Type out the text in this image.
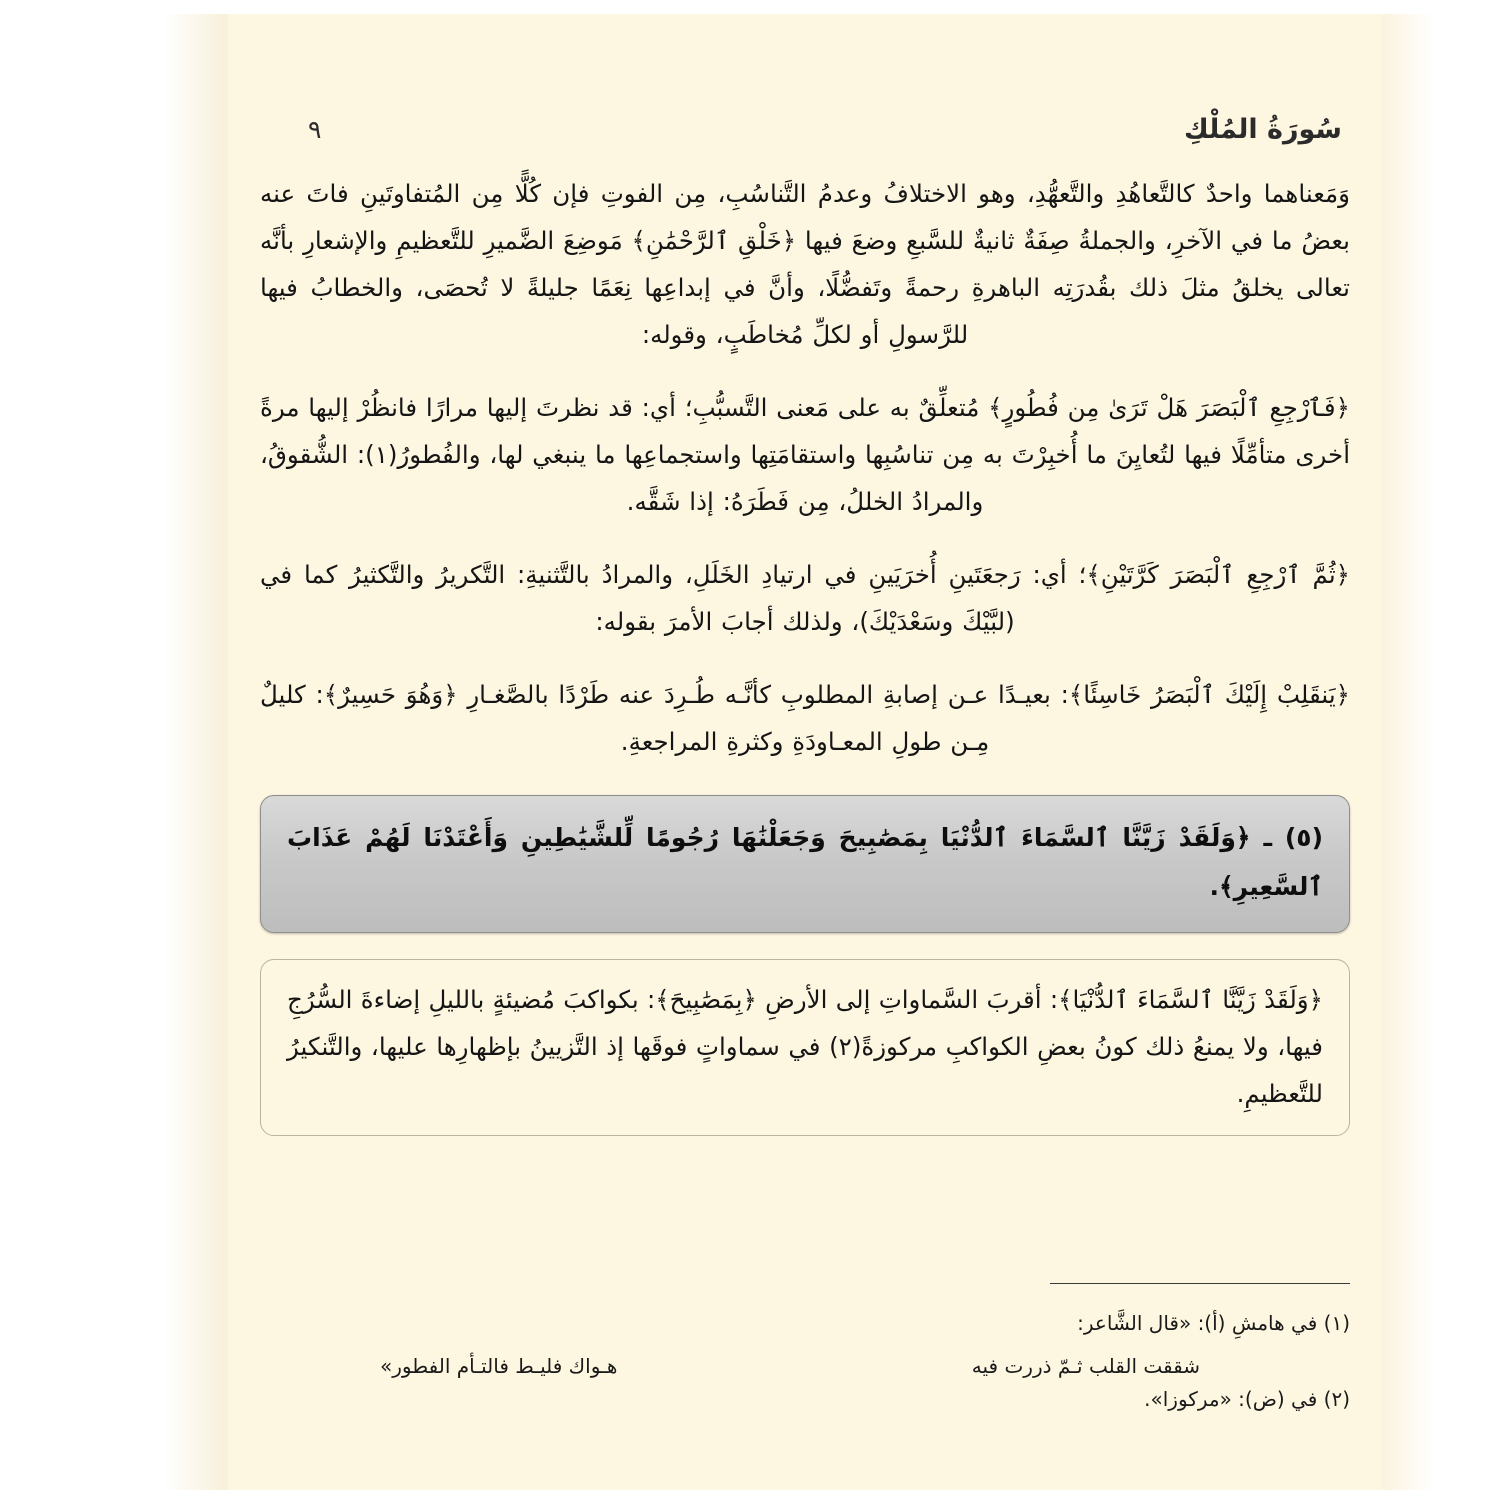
سُورَةُ المُلْكِ
٩

وَمَعناهما واحدٌ كالتَّعاهُدِ والتَّعهُّدِ، وهو الاختلافُ وعدمُ التَّناسُبِ، مِن الفوتِ فإن كُلًّا مِن المُتفاوتَينِ فاتَ عنه بعضُ ما في الآخرِ، والجملةُ صِفَةٌ ثانيةٌ للسَّبعِ وضعَ فيها ﴿خَلْقِ ٱلرَّحْمَٰنِ﴾ مَوضِعَ الضَّميرِ للتَّعظيمِ والإشعارِ بأنَّه تعالى يخلقُ مثلَ ذلك بقُدرَتِه الباهرةِ رحمةً وتَفضُّلًا، وأنَّ في إبداعِها نِعَمًا جليلةً لا تُحصَى، والخطابُ فيها للرَّسولِ أو لكلِّ مُخاطَبٍ، وقوله:

﴿فَٱرْجِعِ ٱلْبَصَرَ هَلْ تَرَىٰ مِن فُطُورٍ﴾ مُتعلِّقٌ به على مَعنى التَّسبُّبِ؛ أي: قد نظرتَ إليها مرارًا فانظُرْ إليها مرةً أخرى متأمِّلًا فيها لتُعايِنَ ما أُخبِرْتَ به مِن تناسُبِها واستقامَتِها واستجماعِها ما ينبغي لها، والفُطورُ(١): الشُّقوقُ، والمرادُ الخللُ، مِن فَطَرَهُ: إذا شَقَّه.

﴿ثُمَّ ٱرْجِعِ ٱلْبَصَرَ كَرَّتَيْنِ﴾؛ أي: رَجعَتَينِ أُخرَيَينِ في ارتيادِ الخَلَلِ، والمرادُ بالتَّثنيةِ: التَّكريرُ والتَّكثيرُ كما في (لبَّيْكَ وسَعْدَيْكَ)، ولذلك أجابَ الأمرَ بقوله:

﴿يَنقَلِبْ إِلَيْكَ ٱلْبَصَرُ خَاسِئًا﴾: بعيـدًا عـن إصابةِ المطلوبِ كأنَّـه طُـرِدَ عنه طَرْدًا بالصَّغـارِ ﴿وَهُوَ حَسِيرٌ﴾: كليلٌ مِـن طولِ المعـاودَةِ وكثرةِ المراجعةِ.

(٥) ـ ﴿وَلَقَدْ زَيَّنَّا ٱلسَّمَاءَ ٱلدُّنْيَا بِمَصَٰبِيحَ وَجَعَلْنَٰهَا رُجُومًا لِّلشَّيَٰطِينِ وَأَعْتَدْنَا لَهُمْ عَذَابَ ٱلسَّعِيرِ﴾.

﴿وَلَقَدْ زَيَّنَّا ٱلسَّمَاءَ ٱلدُّنْيَا﴾: أقربَ السَّماواتِ إلى الأرضِ ﴿بِمَصَٰبِيحَ﴾: بكواكبَ مُضيئةٍ بالليلِ إضاءةَ السُّرُجِ فيها، ولا يمنعُ ذلك كونُ بعضِ الكواكبِ مركوزةً(٢) في سماواتٍ فوقَها إذ التَّزيينُ بإظهارِها عليها، والتَّنكيرُ للتَّعظيمِ.

(١) في هامشِ (أ): «قال الشَّاعر:

شققت القلب ثـمّ ذررت فيه
هـواك فليـط فالتـأم الفطور»

(٢) في (ض): «مركوزا».
